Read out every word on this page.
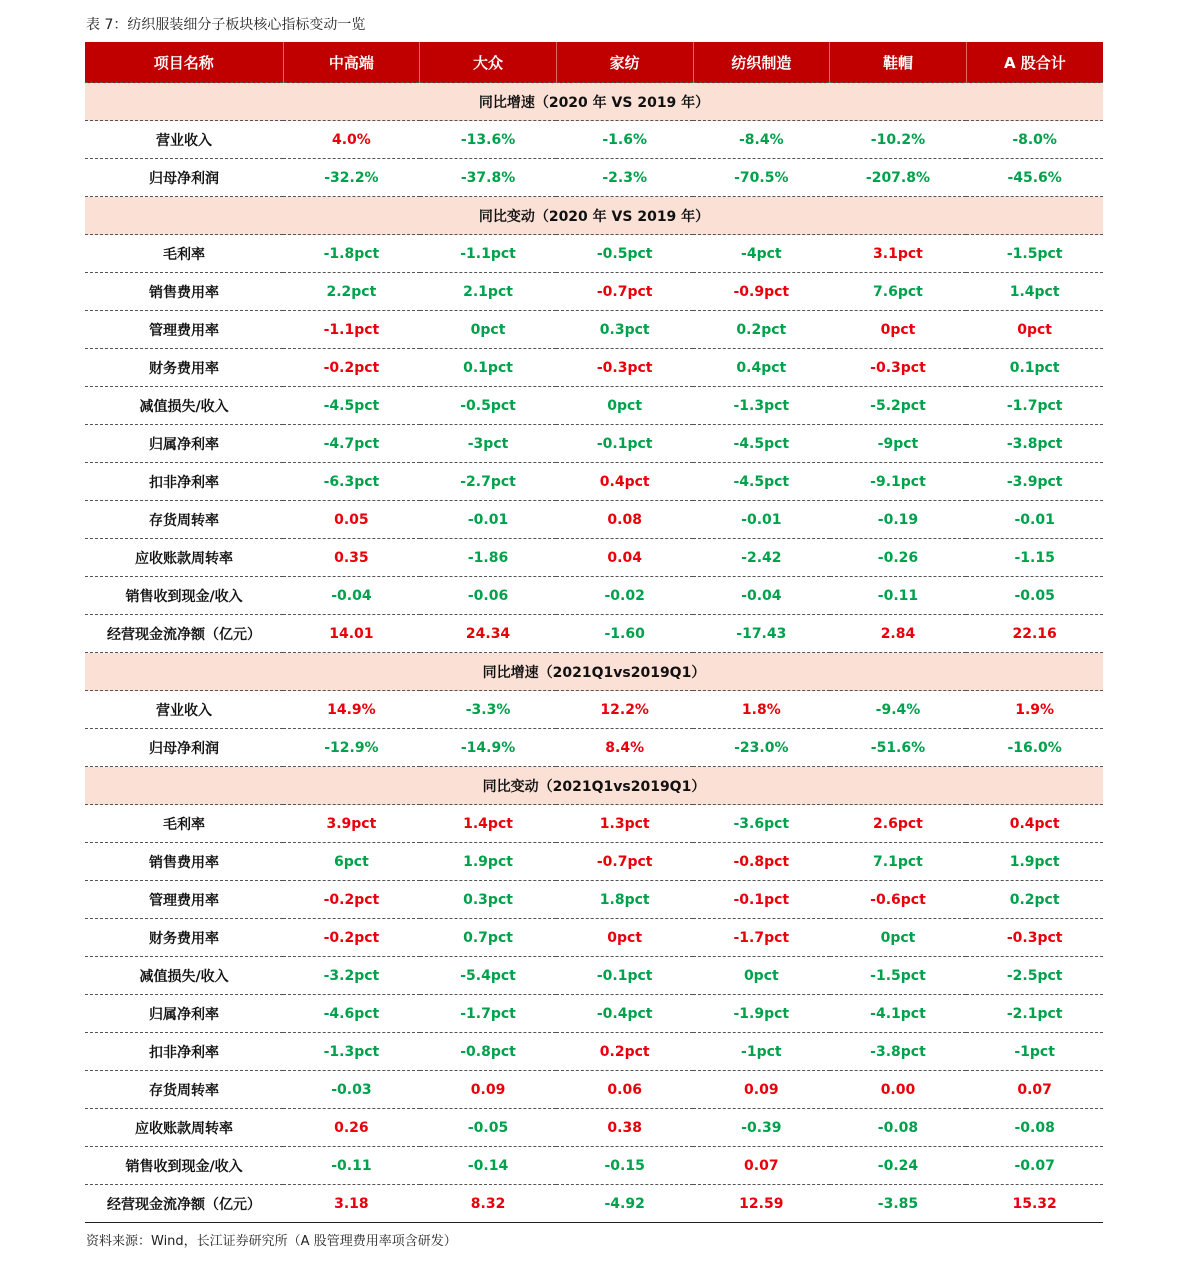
表 7：纺织服装细分子板块核心指标变动一览
项目名称	中高端	大众	家纺	纺织制造	鞋帽	A 股合计
同比增速（2020 年 VS 2019 年）						
营业收入	4.0%	-13.6%	-1.6%	-8.4%	-10.2%	-8.0%
归母净利润	-32.2%	-37.8%	-2.3%	-70.5%	-207.8%	-45.6%
同比变动（2020 年 VS 2019 年）						
毛利率	-1.8pct	-1.1pct	-0.5pct	-4pct	3.1pct	-1.5pct
销售费用率	2.2pct	2.1pct	-0.7pct	-0.9pct	7.6pct	1.4pct
管理费用率	-1.1pct	0pct	0.3pct	0.2pct	0pct	0pct
财务费用率	-0.2pct	0.1pct	-0.3pct	0.4pct	-0.3pct	0.1pct
减值损失/收入	-4.5pct	-0.5pct	0pct	-1.3pct	-5.2pct	-1.7pct
归属净利率	-4.7pct	-3pct	-0.1pct	-4.5pct	-9pct	-3.8pct
扣非净利率	-6.3pct	-2.7pct	0.4pct	-4.5pct	-9.1pct	-3.9pct
存货周转率	0.05	-0.01	0.08	-0.01	-0.19	-0.01
应收账款周转率	0.35	-1.86	0.04	-2.42	-0.26	-1.15
销售收到现金/收入	-0.04	-0.06	-0.02	-0.04	-0.11	-0.05
经营现金流净额（亿元）	14.01	24.34	-1.60	-17.43	2.84	22.16
同比增速（2021Q1vs2019Q1）						
营业收入	14.9%	-3.3%	12.2%	1.8%	-9.4%	1.9%
归母净利润	-12.9%	-14.9%	8.4%	-23.0%	-51.6%	-16.0%
同比变动（2021Q1vs2019Q1）						
毛利率	3.9pct	1.4pct	1.3pct	-3.6pct	2.6pct	0.4pct
销售费用率	6pct	1.9pct	-0.7pct	-0.8pct	7.1pct	1.9pct
管理费用率	-0.2pct	0.3pct	1.8pct	-0.1pct	-0.6pct	0.2pct
财务费用率	-0.2pct	0.7pct	0pct	-1.7pct	0pct	-0.3pct
减值损失/收入	-3.2pct	-5.4pct	-0.1pct	0pct	-1.5pct	-2.5pct
归属净利率	-4.6pct	-1.7pct	-0.4pct	-1.9pct	-4.1pct	-2.1pct
扣非净利率	-1.3pct	-0.8pct	0.2pct	-1pct	-3.8pct	-1pct
存货周转率	-0.03	0.09	0.06	0.09	0.00	0.07
应收账款周转率	0.26	-0.05	0.38	-0.39	-0.08	-0.08
销售收到现金/收入	-0.11	-0.14	-0.15	0.07	-0.24	-0.07
经营现金流净额（亿元）	3.18	8.32	-4.92	12.59	-3.85	15.32
资料来源：Wind，长江证券研究所（A 股管理费用率项含研发）
